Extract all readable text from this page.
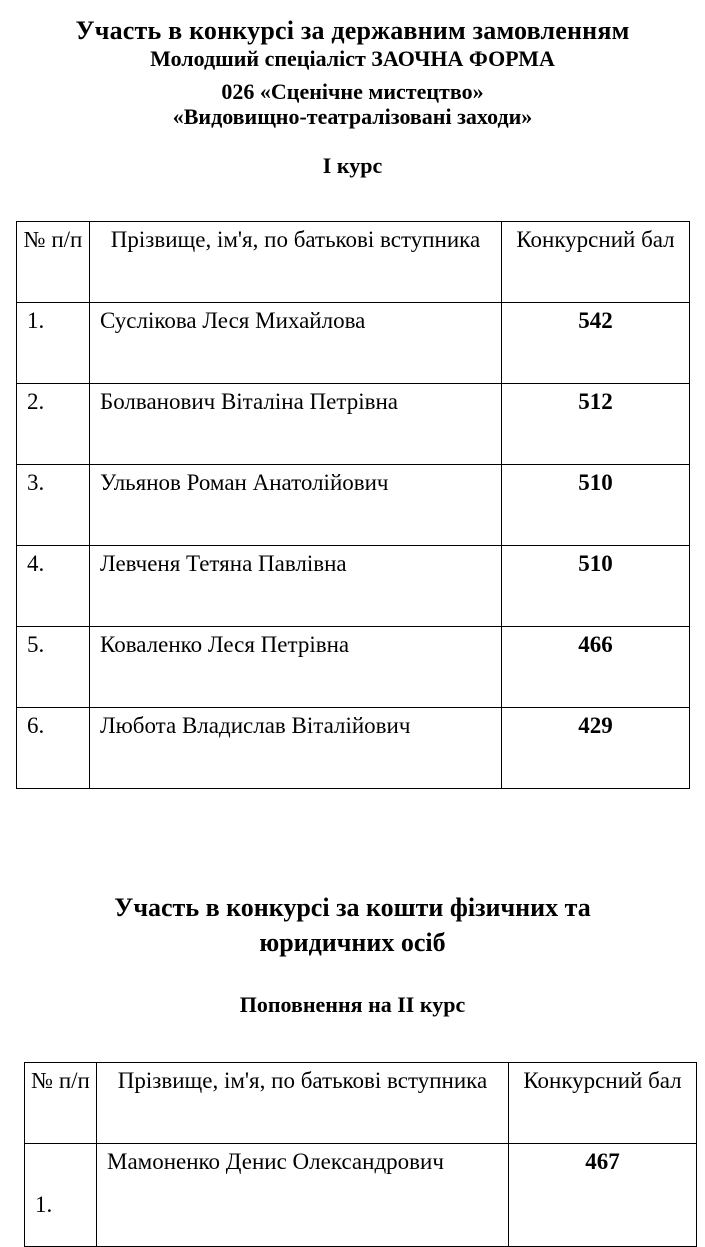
Участь в конкурсі за державним замовленням
Молодший спеціаліст ЗАОЧНА ФОРМА
026 «Сценічне мистецтво»
«Видовищно-театралізовані заходи»
І курс
№ п/п	Прізвище, ім'я, по батькові вступника	Конкурсний бал
1.	Суслікова Леся Михайлова	542
2.	Болванович Віталіна Петрівна	512
3.	Ульянов Роман Анатолійович	510
4.	Левченя Тетяна Павлівна	510
5.	Коваленко Леся Петрівна	466
6.	Любота Владислав Віталійович	429
Участь в конкурсі за кошти фізичних та
юридичних осіб
Поповнення на ІІ курс
№ п/п	Прізвище, ім'я, по батькові вступника	Конкурсний бал
1.	Мамоненко Денис Олександрович	467
